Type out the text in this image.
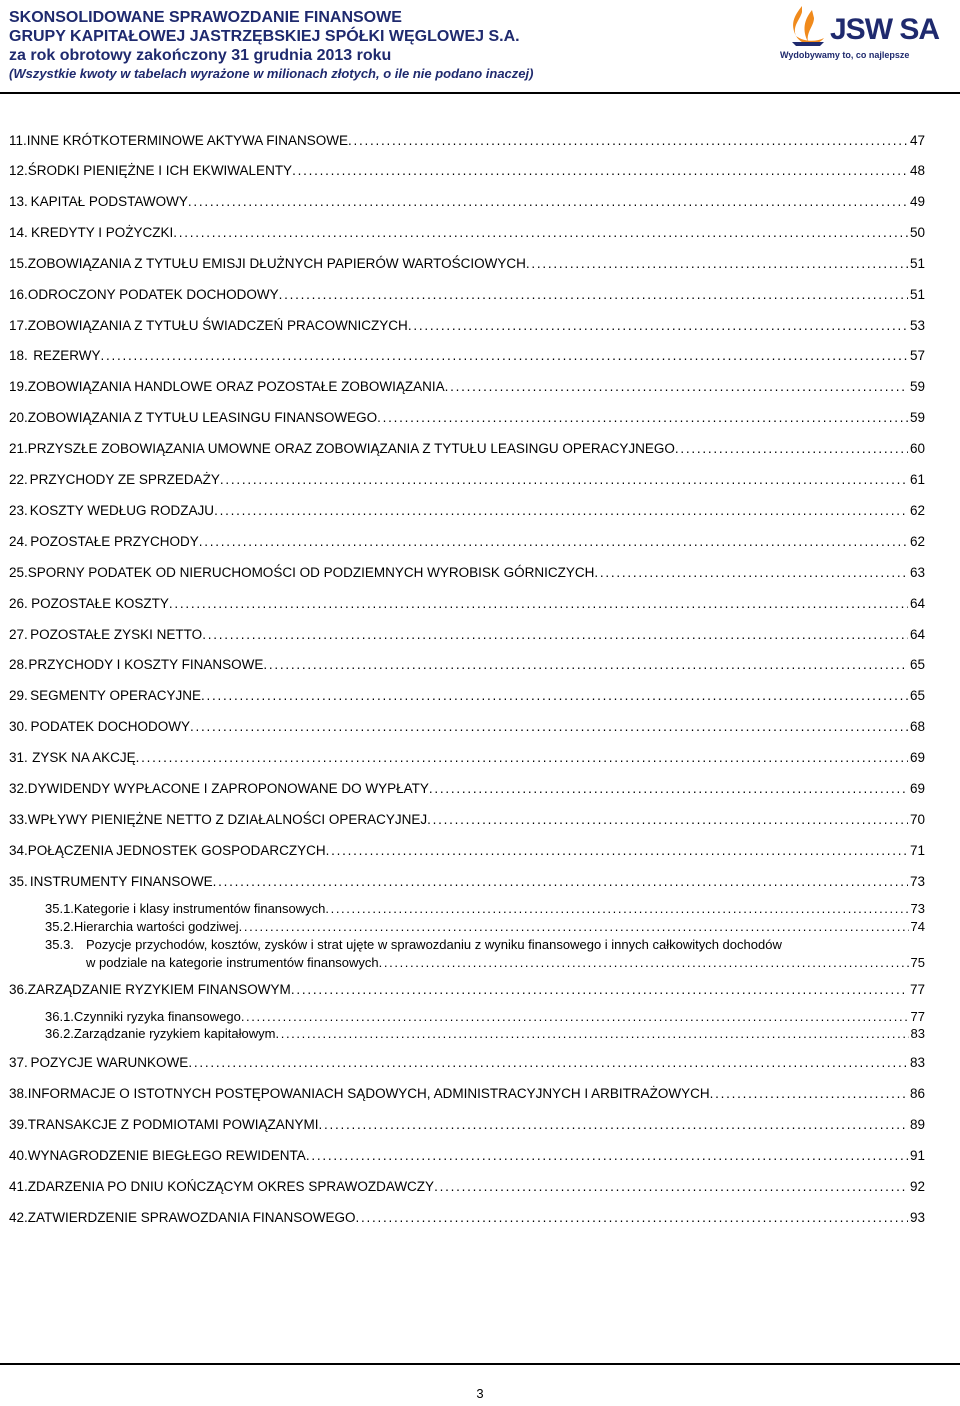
SKONSOLIDOWANE SPRAWOZDANIE FINANSOWE
GRUPY KAPITAŁOWEJ JASTRZĘBSKIEJ SPÓŁKI WĘGLOWEJ S.A.
za rok obrotowy zakończony 31 grudnia 2013 roku
(Wszystkie kwoty w tabelach wyrażone w milionach złotych, o ile nie podano inaczej)
JSW SA
Wydobywamy to, co najlepsze
11. INNE KRÓTKOTERMINOWE AKTYWA FINANSOWE . . .	47
12. ŚRODKI PIENIĘŻNE I ICH EKWIWALENTY . . .	48
13. KAPITAŁ PODSTAWOWY . . .	49
14. KREDYTY I POŻYCZKI . . .	50
15. ZOBOWIĄZANIA Z TYTUŁU EMISJI DŁUŻNYCH PAPIERÓW WARTOŚCIOWYCH . . .	51
16. ODROCZONY PODATEK DOCHODOWY . . .	51
17. ZOBOWIĄZANIA Z TYTUŁU ŚWIADCZEŃ PRACOWNICZYCH . . .	53
18. REZERWY . . .	57
19. ZOBOWIĄZANIA HANDLOWE ORAZ POZOSTAŁE ZOBOWIĄZANIA . . .	59
20. ZOBOWIĄZANIA Z TYTUŁU LEASINGU FINANSOWEGO . . .	59
21. PRZYSZŁE ZOBOWIĄZANIA UMOWNE ORAZ ZOBOWIĄZANIA Z TYTUŁU LEASINGU OPERACYJNEGO . . .	60
22. PRZYCHODY ZE SPRZEDAŻY . . .	61
23. KOSZTY WEDŁUG RODZAJU . . .	62
24. POZOSTAŁE PRZYCHODY . . .	62
25. SPORNY PODATEK OD NIERUCHOMOŚCI OD PODZIEMNYCH WYROBISK GÓRNICZYCH . . .	63
26. POZOSTAŁE KOSZTY . . .	64
27. POZOSTAŁE ZYSKI NETTO . . .	64
28. PRZYCHODY I KOSZTY FINANSOWE . . .	65
29. SEGMENTY OPERACYJNE . . .	65
30. PODATEK DOCHODOWY . . .	68
31. ZYSK NA AKCJĘ . . .	69
32. DYWIDENDY WYPŁACONE I ZAPROPONOWANE DO WYPŁATY . . .	69
33. WPŁYWY PIENIĘŻNE NETTO Z DZIAŁALNOŚCI OPERACYJNEJ . . .	70
34. POŁĄCZENIA JEDNOSTEK GOSPODARCZYCH . . .	71
35. INSTRUMENTY FINANSOWE . . .	73
35.1. Kategorie i klasy instrumentów finansowych . . .	73
35.2. Hierarchia wartości godziwej . . .	74
35.3. Pozycje przychodów, kosztów, zysków i strat ujęte w sprawozdaniu z wyniku finansowego i innych całkowitych dochodów
w podziale na kategorie instrumentów finansowych . . .	75
36. ZARZĄDZANIE RYZYKIEM FINANSOWYM . . .	77
36.1. Czynniki ryzyka finansowego . . .	77
36.2. Zarządzanie ryzykiem kapitałowym . . .	83
37. POZYCJE WARUNKOWE . . .	83
38. INFORMACJE O ISTOTNYCH POSTĘPOWANIACH SĄDOWYCH, ADMINISTRACYJNYCH I ARBITRAŻOWYCH . . .	86
39. TRANSAKCJE Z PODMIOTAMI POWIĄZANYMI . . .	89
40. WYNAGRODZENIE BIEGŁEGO REWIDENTA . . .	91
41. ZDARZENIA PO DNIU KOŃCZĄCYM OKRES SPRAWOZDAWCZY . . .	92
42. ZATWIERDZENIE SPRAWOZDANIA FINANSOWEGO . . .	93
3
